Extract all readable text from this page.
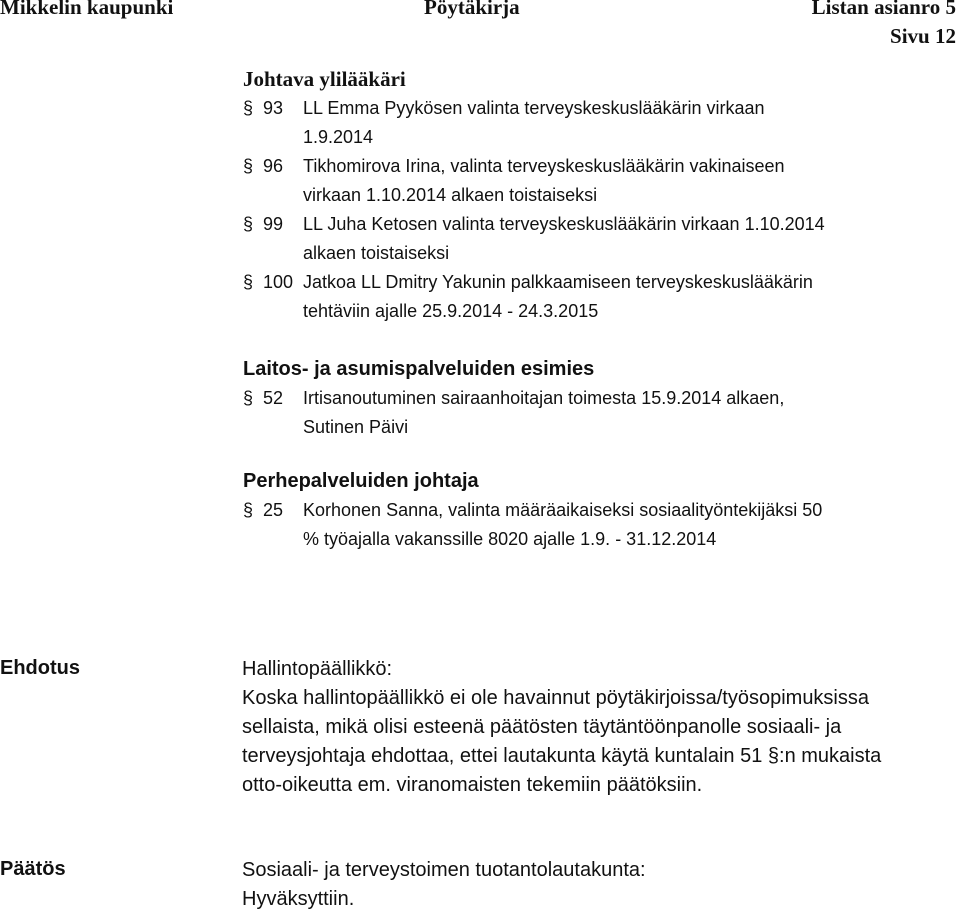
Mikkelin kaupunki	Pöytäkirja	Listan asianro 5
Sivu 12
Johtava ylilääkäri
§ 93	LL Emma Pyykösen valinta terveyskeskuslääkärin virkaan
1.9.2014
§ 96	Tikhomirova Irina, valinta terveyskeskuslääkärin vakinaiseen
virkaan 1.10.2014 alkaen toistaiseksi
§ 99	LL Juha Ketosen valinta terveyskeskuslääkärin virkaan 1.10.2014
alkaen toistaiseksi
§ 100 Jatkoa LL Dmitry Yakunin palkkaamiseen terveyskeskuslääkärin
tehtäviin ajalle 25.9.2014 - 24.3.2015
Laitos- ja asumispalveluiden esimies
§ 52	Irtisanoutuminen sairaanhoitajan toimesta 15.9.2014 alkaen,
Sutinen Päivi
Perhepalveluiden johtaja
§ 25	Korhonen Sanna, valinta määräaikaiseksi sosiaalityöntekijäksi 50
% työajalla vakanssille 8020 ajalle 1.9. - 31.12.2014
Ehdotus	Hallintopäällikkö:
Koska hallintopäällikkö ei ole havainnut pöytäkirjoissa/työsopimuksissa
sellaista, mikä olisi esteenä päätösten täytäntöönpanolle sosiaali- ja
terveysjohtaja ehdottaa, ettei lautakunta käytä kuntalain 51 §:n mukaista
otto-oikeutta em. viranomaisten tekemiin päätöksiin.
Päätös	Sosiaali- ja terveystoimen tuotantolautakunta:
Hyväksyttiin.
